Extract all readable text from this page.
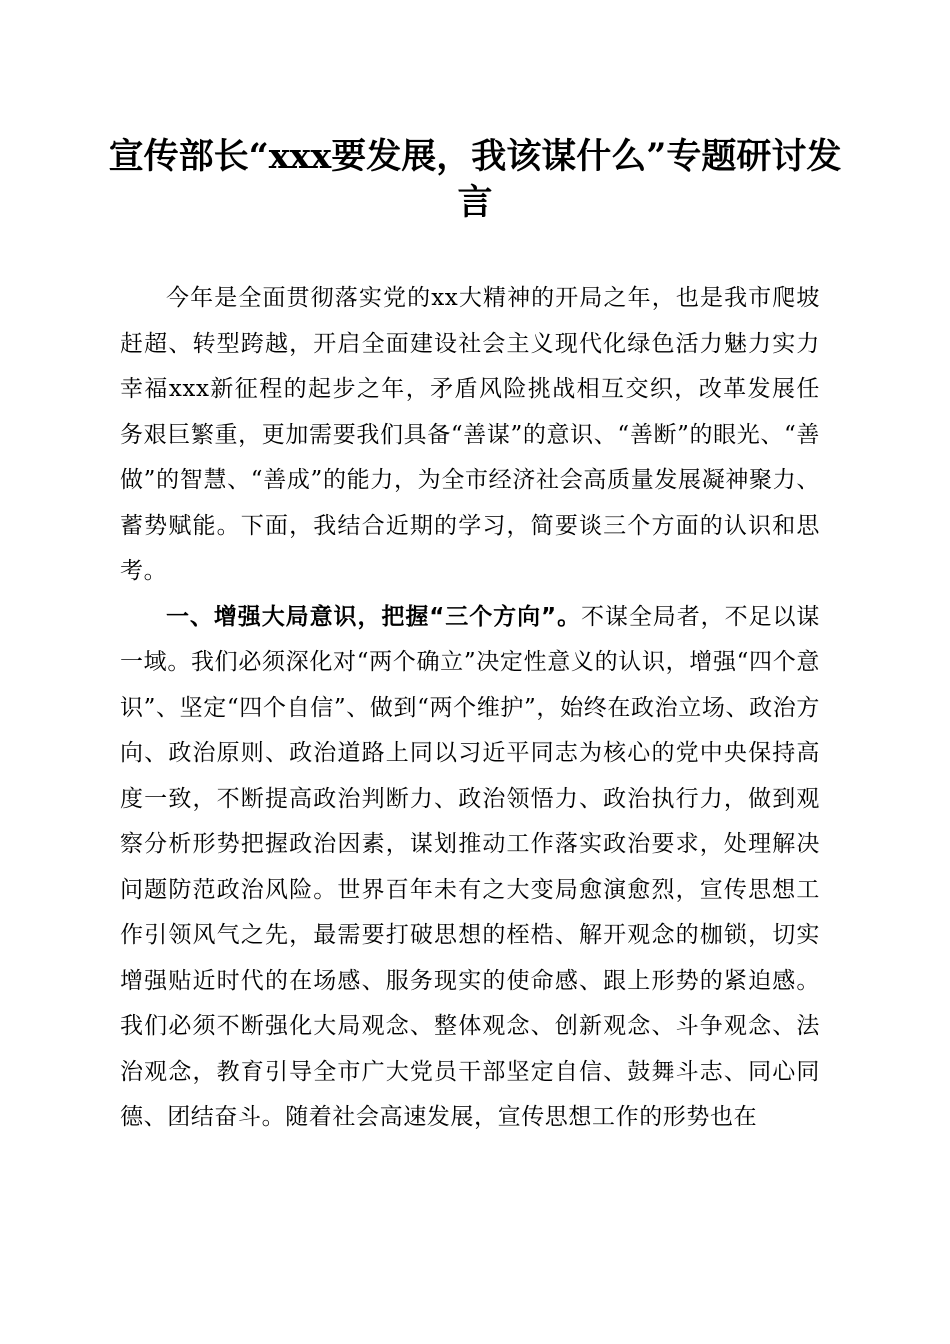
宣传部长“xxx要发展，我该谋什么”专题研讨发言

今年是全面贯彻落实党的xx大精神的开局之年，也是我市爬坡赶超、转型跨越，开启全面建设社会主义现代化绿色活力魅力实力幸福xxx新征程的起步之年，矛盾风险挑战相互交织，改革发展任务艰巨繁重，更加需要我们具备“善谋”的意识、“善断”的眼光、“善做”的智慧、“善成”的能力，为全市经济社会高质量发展凝神聚力、蓄势赋能。下面，我结合近期的学习，简要谈三个方面的认识和思考。

一、增强大局意识，把握“三个方向”。不谋全局者，不足以谋一域。我们必须深化对“两个确立”决定性意义的认识，增强“四个意识”、坚定“四个自信”、做到“两个维护”，始终在政治立场、政治方向、政治原则、政治道路上同以习近平同志为核心的党中央保持高度一致，不断提高政治判断力、政治领悟力、政治执行力，做到观察分析形势把握政治因素，谋划推动工作落实政治要求，处理解决问题防范政治风险。世界百年未有之大变局愈演愈烈，宣传思想工作引领风气之先，最需要打破思想的桎梏、解开观念的枷锁，切实增强贴近时代的在场感、服务现实的使命感、跟上形势的紧迫感。我们必须不断强化大局观念、整体观念、创新观念、斗争观念、法治观念，教育引导全市广大党员干部坚定自信、鼓舞斗志、同心同德、团结奋斗。随着社会高速发展，宣传思想工作的形势也在
